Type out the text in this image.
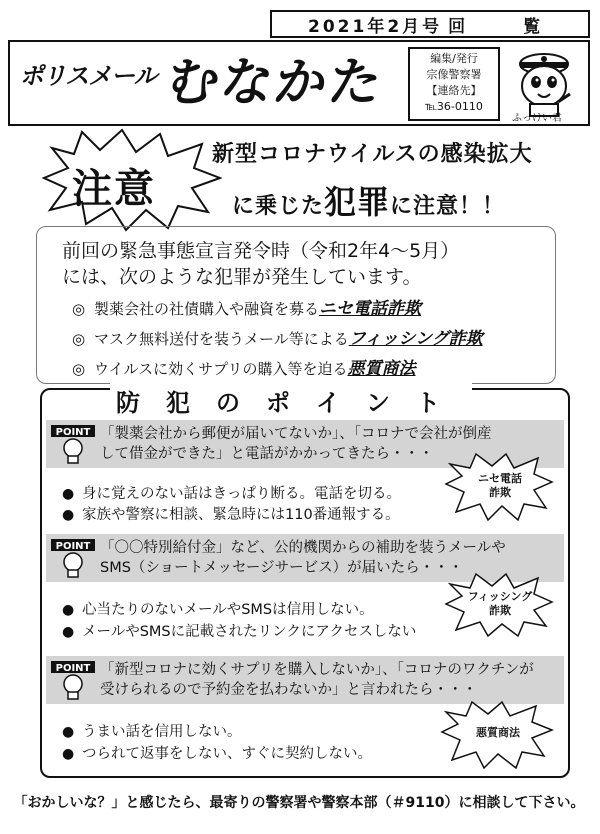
2021年2月号 回 覧
ポリスメール むなかた	編集/発行
宗像警察署
【連絡先】
℡36-0110
ふっけい君
注意
新型コロナウイルスの感染拡大
に乗じた犯罪に注意！！
前回の緊急事態宣言発令時（令和2年4〜5月）
には、次のような犯罪が発生しています。
◎ 製薬会社の社債購入や融資を募るニセ電話詐欺
◎ マスク無料送付を装うメール等によるフィッシング詐欺
◎ ウイルスに効くサプリの購入等を迫る悪質商法
防犯のポイント
POINT 「製薬会社から郵便が届いてないか」、「コロナで会社が倒産
して借金ができた」と電話がかかってきたら・・・
● 身に覚えのない話はきっぱり断る。電話を切る。
● 家族や警察に相談、緊急時には110番通報する。
ニセ電話
詐欺
POINT 「〇〇特別給付金」など、公的機関からの補助を装うメールや
SMS（ショートメッセージサービス）が届いたら・・・
● 心当たりのないメールやSMSは信用しない。
● メールやSMSに記載されたリンクにアクセスしない
フィッシング
詐欺
POINT 「新型コロナに効くサプリを購入しないか」、「コロナのワクチンが
受けられるので予約金を払わないか」と言われたら・・・
● うまい話を信用しない。
● つられて返事をしない、すぐに契約しない。
悪質商法
「おかしいな？」と感じたら、最寄りの警察署や警察本部（＃9110）に相談して下さい。
